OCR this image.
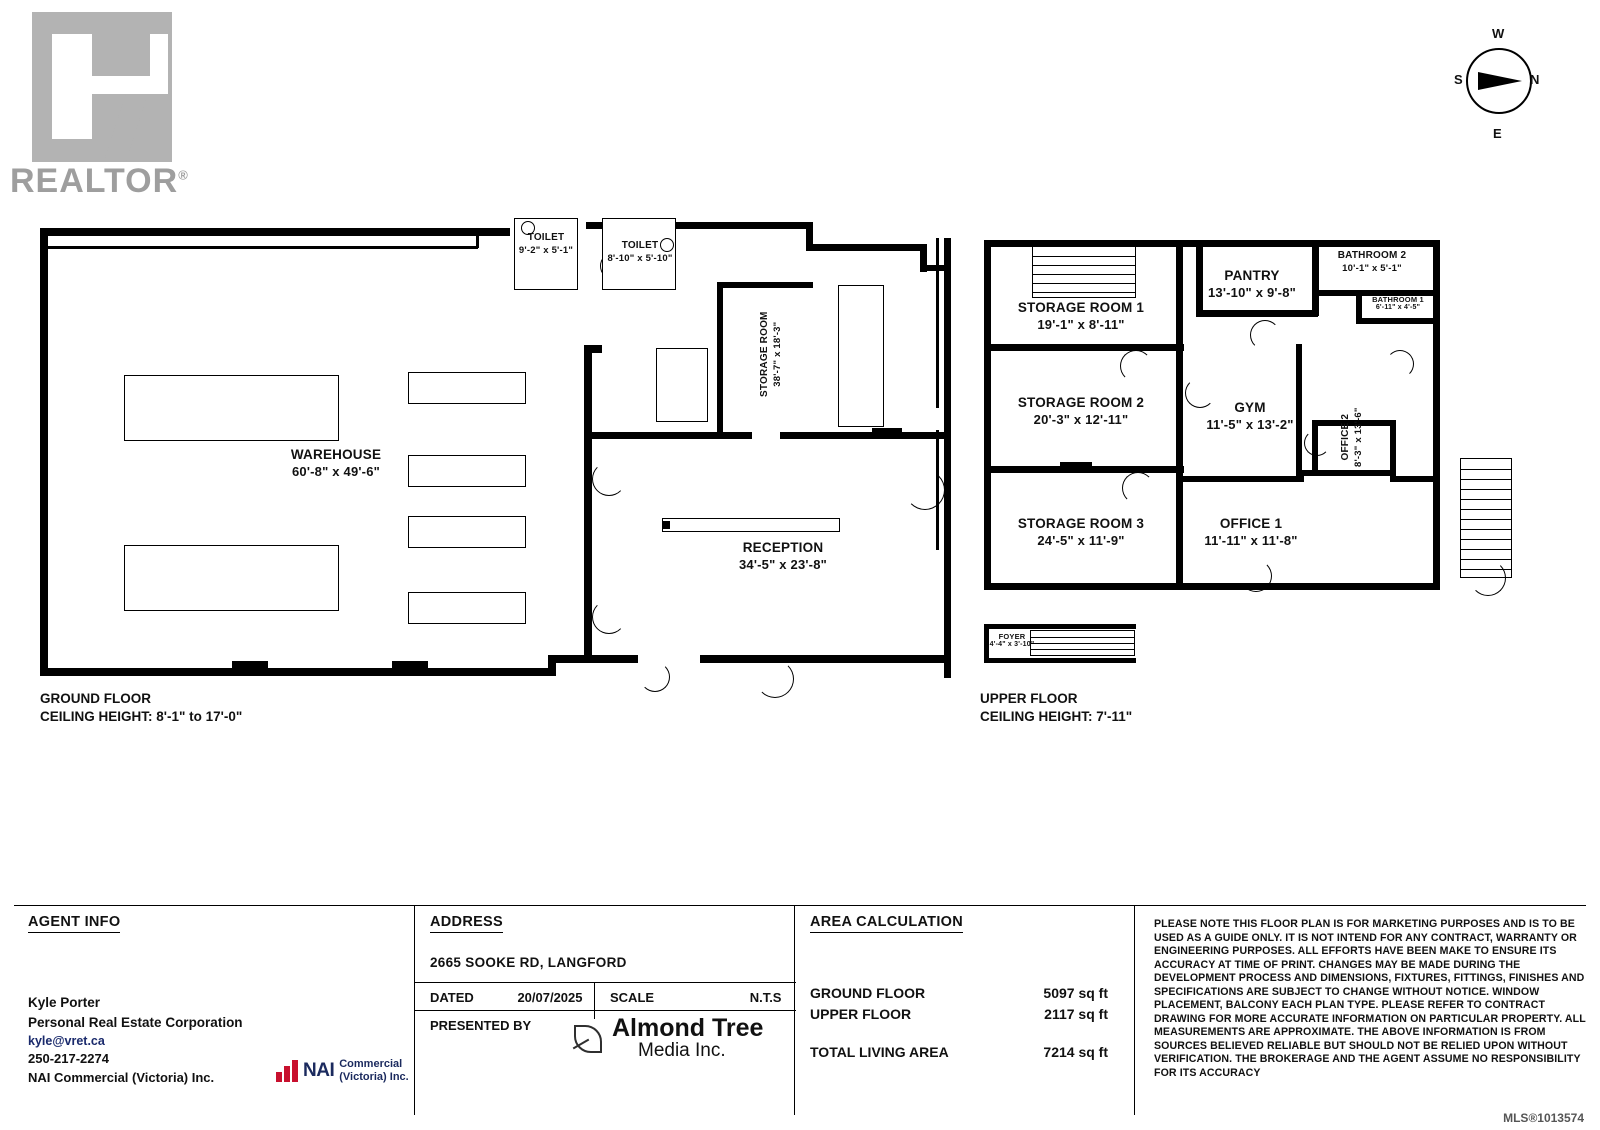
REALTOR®
N
S
W
E
WAREHOUSE
60'-8" x 49'-6"
RECEPTION
34'-5" x 23'-8"
TOILET
9'-2" x 5'-1"	TOILET
8'-10" x 5'-10"
STORAGE ROOM 38'-7" x 18'-3"
STORAGE ROOM 1
19'-1" x 8'-11"
STORAGE ROOM 2
20'-3" x 12'-11"
STORAGE ROOM 3
24'-5" x 11'-9"
PANTRY
13'-10" x 9'-8"
BATHROOM 2
10'-1" x 5'-1"
BATHROOM 1
6'-11" x 4'-5"
GYM
11'-5" x 13'-2"	OFFICE 2 8'-3" x 13'-6"
OFFICE 1
11'-11" x 11'-8"
FOYER
4'-4" x 3'-10"
GROUND FLOOR
CEILING HEIGHT: 8'-1" to 17'-0"
UPPER FLOOR
CEILING HEIGHT: 7'-11"
AGENT INFO
Kyle Porter
Personal Real Estate Corporation
kyle@vret.ca
250-217-2274
NAI Commercial (Victoria) Inc.	NAI Commercial
(Victoria) Inc.
ADDRESS
2665 SOOKE RD, LANGFORD
DATED	20/07/2025 SCALE	N.T.S
PRESENTED BY	Almond Tree
Media Inc.
AREA CALCULATION
GROUND FLOOR	5097 sq ft
UPPER FLOOR	2117 sq ft
TOTAL LIVING AREA	7214 sq ft
PLEASE NOTE THIS FLOOR PLAN IS FOR MARKETING PURPOSES AND IS TO BE USED AS A GUIDE ONLY. IT IS NOT INTEND FOR ANY CONTRACT, WARRANTY OR ENGINEERING PURPOSES. ALL EFFORTS HAVE BEEN MAKE TO ENSURE ITS ACCURACY AT TIME OF PRINT. CHANGES MAY BE MADE DURING THE DEVELOPMENT PROCESS AND DIMENSIONS, FIXTURES, FITTINGS, FINISHES AND SPECIFICATIONS ARE SUBJECT TO CHANGE WITHOUT NOTICE. WINDOW PLACEMENT, BALCONY EACH PLAN TYPE. PLEASE REFER TO CONTRACT DRAWING FOR MORE ACCURATE INFORMATION ON PARTICULAR PROPERTY. ALL MEASUREMENTS ARE APPROXIMATE. THE ABOVE INFORMATION IS FROM SOURCES BELIEVED RELIABLE BUT SHOULD NOT BE RELIED UPON WITHOUT VERIFICATION. THE BROKERAGE AND THE AGENT ASSUME NO RESPONSIBILITY FOR ITS ACCURACY
MLS®1013574
